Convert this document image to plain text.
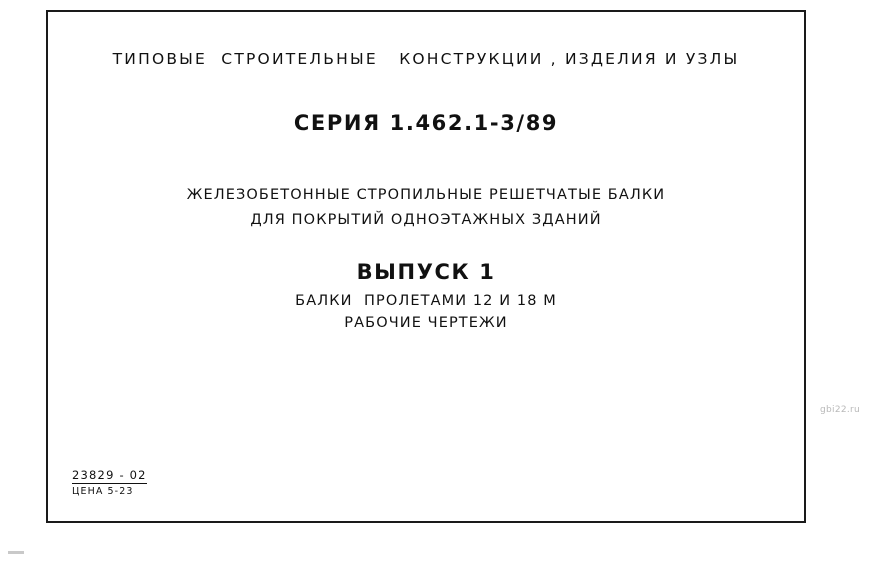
ТИПОВЫЕ  СТРОИТЕЛЬНЫЕ   КОНСТРУКЦИИ , ИЗДЕЛИЯ И УЗЛЫ
СЕРИЯ 1.462.1-3/89
ЖЕЛЕЗОБЕТОННЫЕ СТРОПИЛЬНЫЕ РЕШЕТЧАТЫЕ БАЛКИ
ДЛЯ ПОКРЫТИЙ ОДНОЭТАЖНЫХ ЗДАНИЙ
ВЫПУСК 1
БАЛКИ  ПРОЛЕТАМИ 12 И 18 М
РАБОЧИЕ ЧЕРТЕЖИ
23829 - 02
ЦЕНА 5-23
gbi22.ru
